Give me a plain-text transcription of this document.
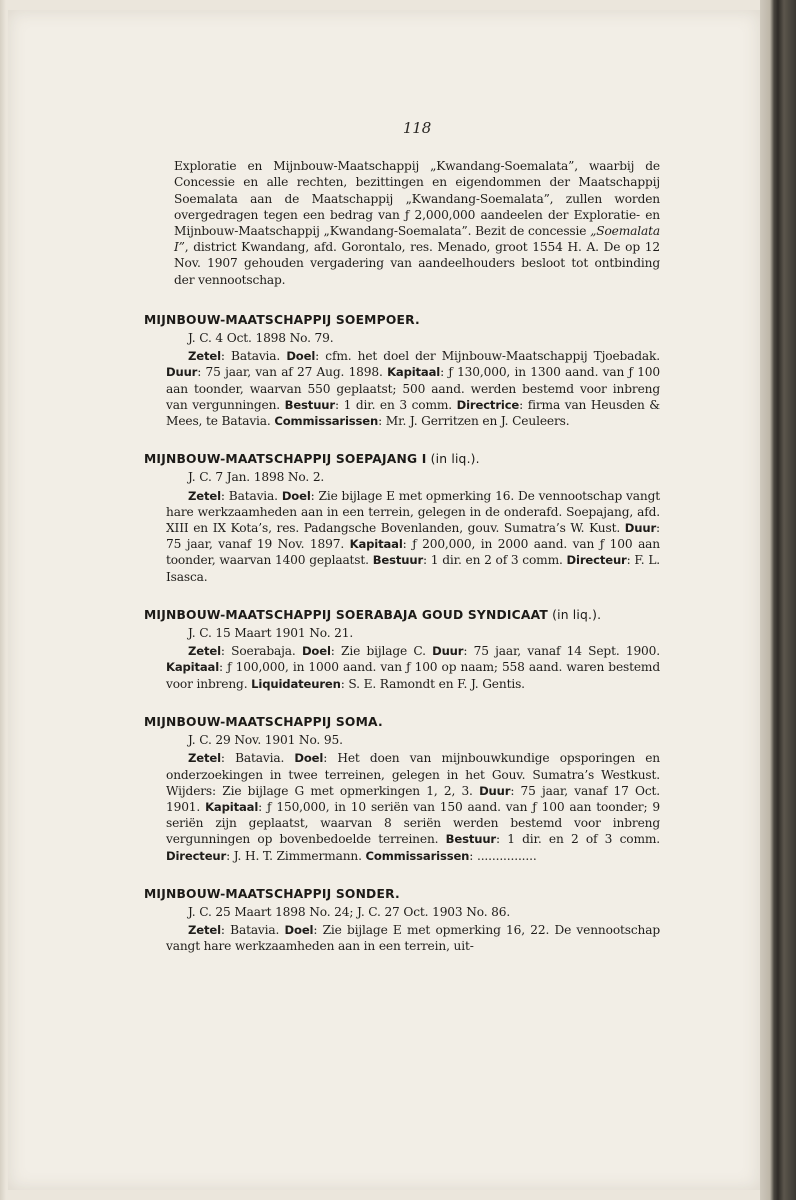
118

Exploratie en Mijnbouw-Maatschappij „Kwandang-Soemalata”, waarbij de Concessie en alle rechten, bezittingen en eigendommen der Maatschappij Soemalata aan de Maatschappij „Kwandang-Soemalata”, zullen worden overgedragen tegen een bedrag van ƒ 2,000,000 aandeelen der Exploratie- en Mijnbouw-Maatschappij „Kwandang-Soemalata”. Bezit de concessie „Soemalata I”, district Kwandang, afd. Gorontalo, res. Menado, groot 1554 H. A. De op 12 Nov. 1907 gehouden vergadering van aandeelhouders besloot tot ontbinding der vennootschap.

MIJNBOUW-MAATSCHAPPIJ SOEMPOER.

J. C. 4 Oct. 1898 No. 79.

Zetel: Batavia. Doel: cfm. het doel der Mijnbouw-Maatschappij Tjoebadak. Duur: 75 jaar, van af 27 Aug. 1898. Kapitaal: ƒ 130,000, in 1300 aand. van ƒ 100 aan toonder, waarvan 550 geplaatst; 500 aand. werden bestemd voor inbreng van vergunningen. Bestuur: 1 dir. en 3 comm. Directrice: firma van Heusden & Mees, te Batavia. Commissarissen: Mr. J. Gerritzen en J. Ceuleers.

MIJNBOUW-MAATSCHAPPIJ SOEPAJANG I (in liq.).

J. C. 7 Jan. 1898 No. 2.

Zetel: Batavia. Doel: Zie bijlage E met opmerking 16. De vennootschap vangt hare werkzaamheden aan in een terrein, gelegen in de onderafd. Soepajang, afd. XIII en IX Kota’s, res. Padangsche Bovenlanden, gouv. Sumatra’s W. Kust. Duur: 75 jaar, vanaf 19 Nov. 1897. Kapitaal: ƒ 200,000, in 2000 aand. van ƒ 100 aan toonder, waarvan 1400 geplaatst. Bestuur: 1 dir. en 2 of 3 comm. Directeur: F. L. Isasca.

MIJNBOUW-MAATSCHAPPIJ SOERABAJA GOUD SYNDICAAT (in liq.).

J. C. 15 Maart 1901 No. 21.

Zetel: Soerabaja. Doel: Zie bijlage C. Duur: 75 jaar, vanaf 14 Sept. 1900. Kapitaal: ƒ 100,000, in 1000 aand. van ƒ 100 op naam; 558 aand. waren bestemd voor inbreng. Liquidateuren: S. E. Ramondt en F. J. Gentis.

MIJNBOUW-MAATSCHAPPIJ SOMA.

J. C. 29 Nov. 1901 No. 95.

Zetel: Batavia. Doel: Het doen van mijnbouwkundige opsporingen en onderzoekingen in twee terreinen, gelegen in het Gouv. Sumatra’s Westkust. Wijders: Zie bijlage G met opmerkingen 1, 2, 3. Duur: 75 jaar, vanaf 17 Oct. 1901. Kapitaal: ƒ 150,000, in 10 seriën van 150 aand. van ƒ 100 aan toonder; 9 seriën zijn geplaatst, waarvan 8 seriën werden bestemd voor inbreng vergunningen op bovenbedoelde terreinen. Bestuur: 1 dir. en 2 of 3 comm. Directeur: J. H. T. Zimmermann. Commissarissen: ................

MIJNBOUW-MAATSCHAPPIJ SONDER.

J. C. 25 Maart 1898 No. 24; J. C. 27 Oct. 1903 No. 86.

Zetel: Batavia. Doel: Zie bijlage E met opmerking 16, 22. De vennootschap vangt hare werkzaamheden aan in een terrein, uit-
